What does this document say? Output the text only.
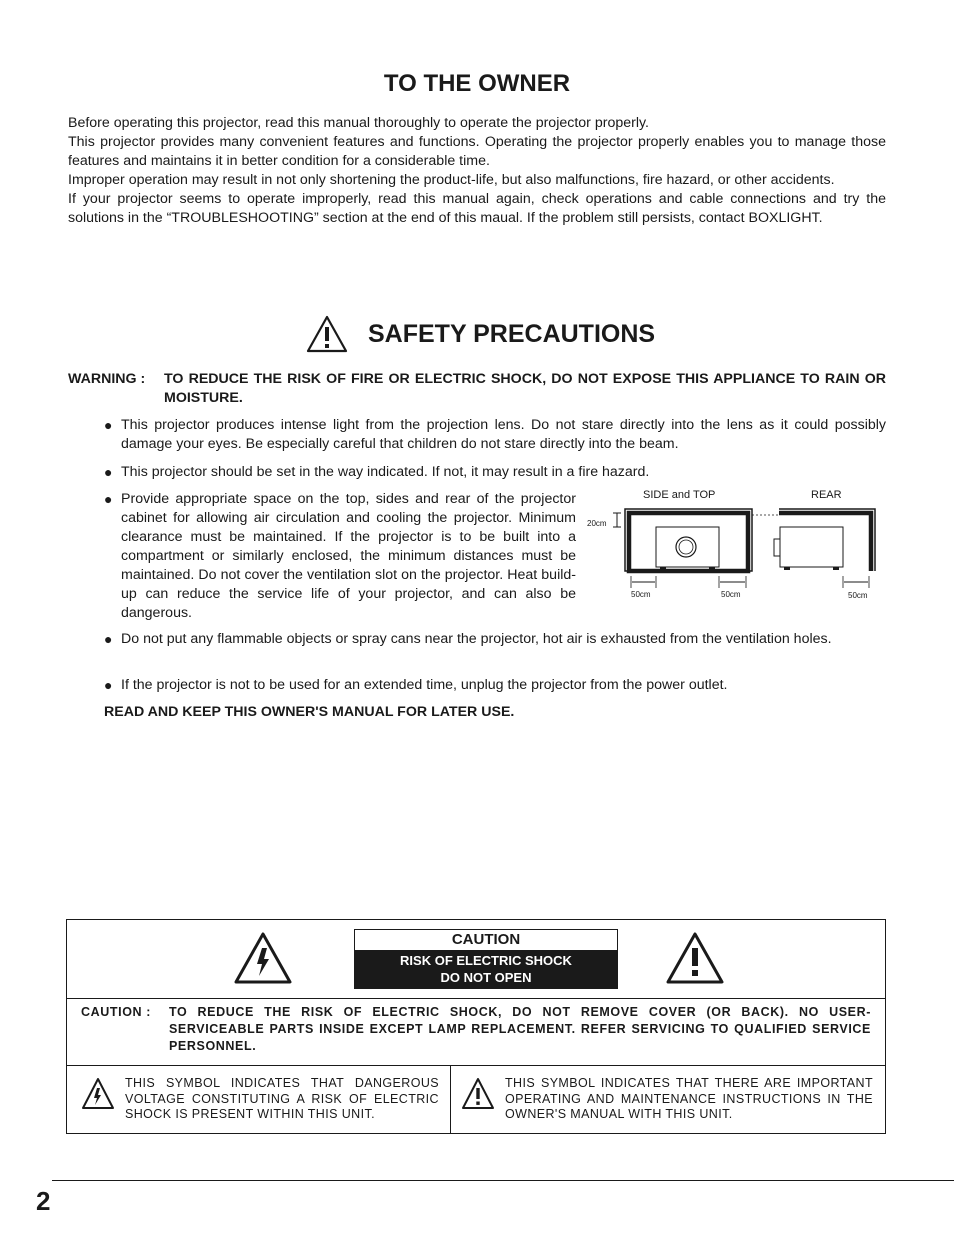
TO THE OWNER

Before operating this projector, read this manual thoroughly to operate the projector properly.

This projector provides many convenient features and functions. Operating the projector properly enables you to manage those features and maintains it in better condition for a considerable time.

Improper operation may result in not only shortening the product-life, but also malfunctions, fire hazard, or other accidents.

If your projector seems to operate improperly, read this manual again, check operations and cable connections and try the solutions in the “TROUBLESHOOTING” section at the end of this maual. If the problem still persists, contact BOXLIGHT.

SAFETY PRECAUTIONS
WARNING :	TO REDUCE THE RISK OF FIRE OR ELECTRIC SHOCK, DO NOT EXPOSE THIS APPLIANCE TO RAIN OR MOISTURE.
● This projector produces intense light from the projection lens. Do not stare directly into the lens as it could possibly damage your eyes. Be especially careful that children do not stare directly into the beam.
● This projector should be set in the way indicated. If not, it may result in a fire hazard.
● Provide appropriate space on the top, sides and rear of the projector cabinet for allowing air circulation and cooling the projector. Minimum clearance must be maintained. If the projector is to be built into a compartment or similarly enclosed, the minimum distances must be maintained. Do not cover the ventilation slot on the projector. Heat build-up can reduce the service life of your projector, and can also be dangerous.
SIDE and TOP	REAR
20cm
50cm	50cm	50cm
● Do not put any flammable objects or spray cans near the projector, hot air is exhausted from the ventilation holes.
● If the projector is not to be used for an extended time, unplug the projector from the power outlet.
READ AND KEEP THIS OWNER'S MANUAL FOR LATER USE.
CAUTION
RISK OF ELECTRIC SHOCK
DO NOT OPEN
CAUTION :	TO REDUCE THE RISK OF ELECTRIC SHOCK, DO NOT REMOVE COVER (OR BACK). NO USER-SERVICEABLE PARTS INSIDE EXCEPT LAMP REPLACEMENT. REFER SERVICING TO QUALIFIED SERVICE PERSONNEL.
THIS SYMBOL INDICATES THAT DANGEROUS VOLTAGE CONSTITUTING A RISK OF ELECTRIC SHOCK IS PRESENT WITHIN THIS UNIT.
THIS SYMBOL INDICATES THAT THERE ARE IMPORTANT OPERATING AND MAINTENANCE INSTRUCTIONS IN THE OWNER'S MANUAL WITH THIS UNIT.
2
